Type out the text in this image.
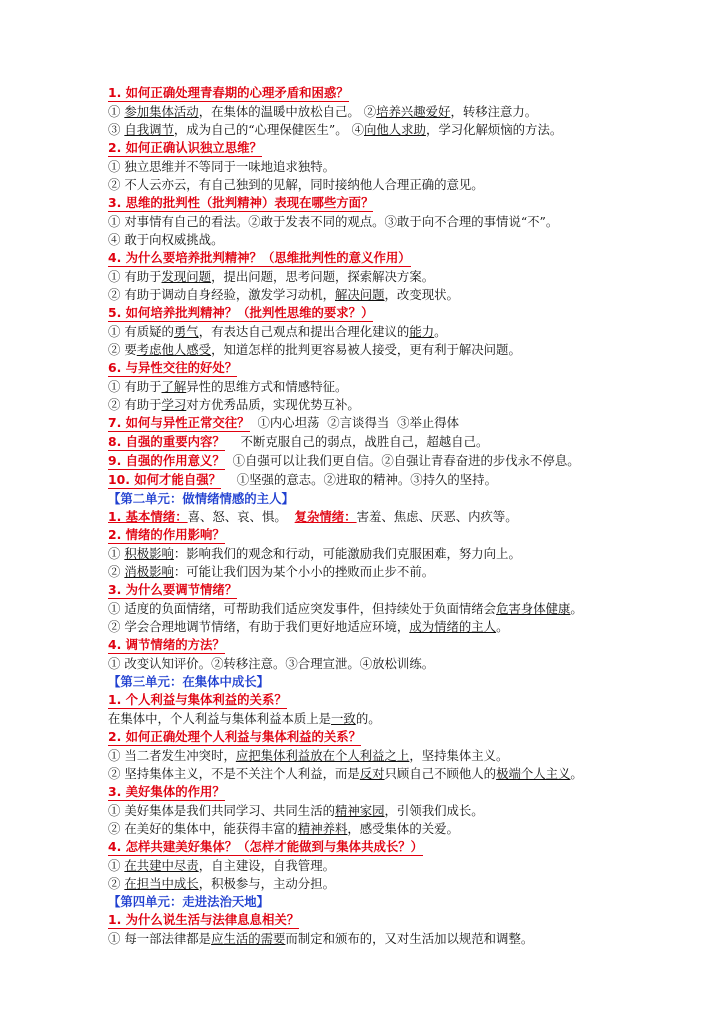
1. 如何正确处理青春期的心理矛盾和困惑？
① 参加集体活动，在集体的温暖中放松自己。 ②培养兴趣爱好，转移注意力。
③ 自我调节，成为自己的“心理保健医生”。 ④向他人求助，学习化解烦恼的方法。
2. 如何正确认识独立思维？
① 独立思维并不等同于一味地追求独特。
② 不人云亦云，有自己独到的见解，同时接纳他人合理正确的意见。
3. 思维的批判性（批判精神）表现在哪些方面？
① 对事情有自己的看法。②敢于发表不同的观点。③敢于向不合理的事情说“不”。
④ 敢于向权威挑战。
4. 为什么要培养批判精神？（思维批判性的意义作用）
① 有助于发现问题，提出问题，思考问题，探索解决方案。
② 有助于调动自身经验，激发学习动机，解决问题，改变现状。
5. 如何培养批判精神？（批判性思维的要求？）
① 有质疑的勇气，有表达自己观点和提出合理化建议的能力。
② 要考虑他人感受，知道怎样的批判更容易被人接受，更有利于解决问题。
6. 与异性交往的好处？
① 有助于了解异性的思维方式和情感特征。
② 有助于学习对方优秀品质，实现优势互补。
7. 如何与异性正常交往？  ①内心坦荡  ②言谈得当  ③举止得体
8. 自强的重要内容？    不断克服自己的弱点，战胜自己，超越自己。
9. 自强的作用意义？  ①自强可以让我们更自信。②自强让青春奋进的步伐永不停息。
10. 如何才能自强？    ①坚强的意志。②进取的精神。③持久的坚持。
【第二单元：做情绪情感的主人】
1. 基本情绪：喜、怒、哀、惧。  复杂情绪：害羞、焦虑、厌恶、内疚等。
2. 情绪的作用影响？
① 积极影响：影响我们的观念和行动，可能激励我们克服困难，努力向上。
② 消极影响：可能让我们因为某个小小的挫败而止步不前。
3. 为什么要调节情绪？
① 适度的负面情绪，可帮助我们适应突发事件，但持续处于负面情绪会危害身体健康。
② 学会合理地调节情绪，有助于我们更好地适应环境，成为情绪的主人。
4. 调节情绪的方法？
① 改变认知评价。②转移注意。③合理宣泄。④放松训练。
【第三单元：在集体中成长】
1. 个人利益与集体利益的关系？
在集体中，个人利益与集体利益本质上是一致的。
2. 如何正确处理个人利益与集体利益的关系？
① 当二者发生冲突时，应把集体利益放在个人利益之上，坚持集体主义。
② 坚持集体主义，不是不关注个人利益，而是反对只顾自己不顾他人的极端个人主义。
3. 美好集体的作用？
① 美好集体是我们共同学习、共同生活的精神家园，引领我们成长。
② 在美好的集体中，能获得丰富的精神养料，感受集体的关爱。
4. 怎样共建美好集体？（怎样才能做到与集体共成长？）
① 在共建中尽责，自主建设，自我管理。
② 在担当中成长，积极参与，主动分担。
【第四单元：走进法治天地】
1. 为什么说生活与法律息息相关？
① 每一部法律都是应生活的需要而制定和颁布的，又对生活加以规范和调整。
